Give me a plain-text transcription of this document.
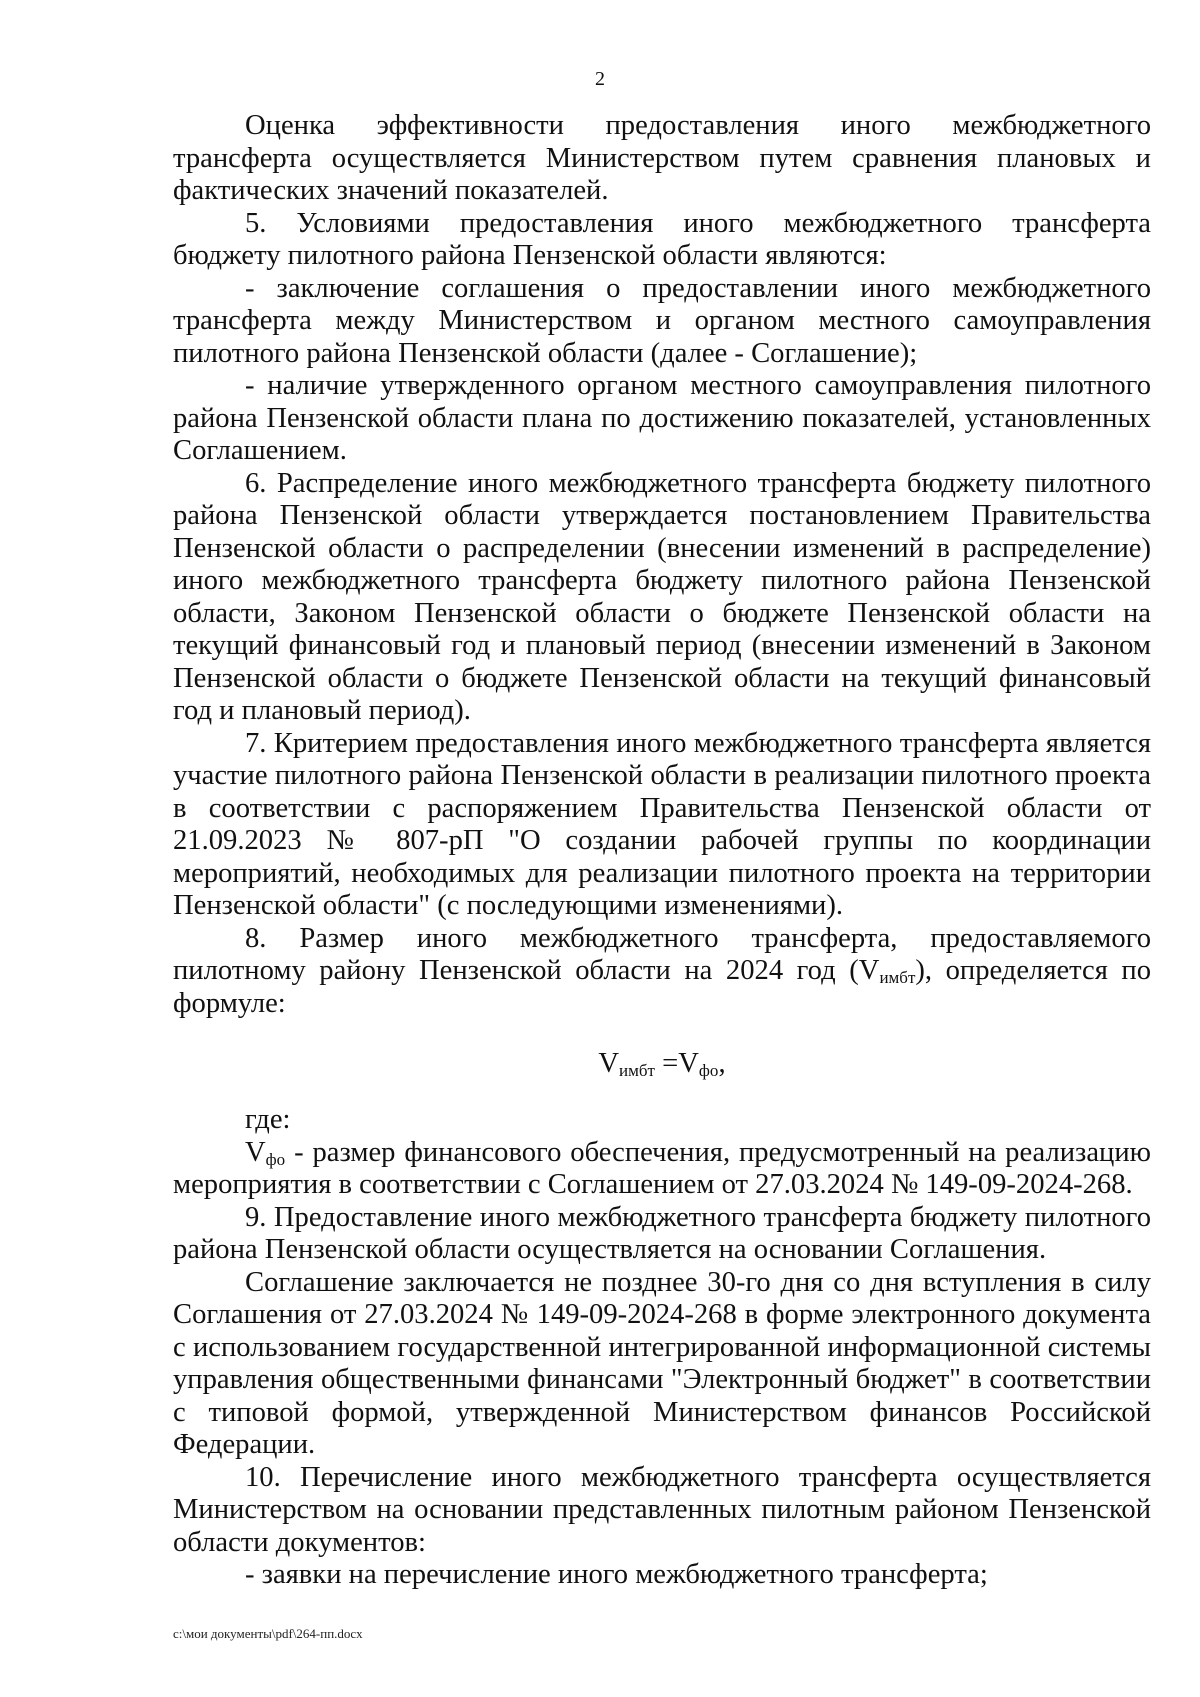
2

Оценка эффективности предоставления иного межбюджетного трансферта осуществляется Министерством путем сравнения плановых и фактических значений показателей.

5. Условиями предоставления иного межбюджетного трансферта бюджету пилотного района Пензенской области являются:

- заключение соглашения о предоставлении иного межбюджетного трансферта между Министерством и органом местного самоуправления пилотного района Пензенской области (далее - Соглашение);

- наличие утвержденного органом местного самоуправления пилотного района Пензенской области плана по достижению показателей, установленных Соглашением.

6. Распределение иного межбюджетного трансферта бюджету пилотного района Пензенской области утверждается постановлением Правительства Пензенской области о распределении (внесении изменений в распределение) иного межбюджетного трансферта бюджету пилотного района Пензенской области, Законом Пензенской области о бюджете Пензенской области на текущий финансовый год и плановый период (внесении изменений в Законом Пензенской области о бюджете Пензенской области на текущий финансовый год и плановый период).

7. Критерием предоставления иного межбюджетного трансферта является участие пилотного района Пензенской области в реализации пилотного проекта в соответствии с распоряжением Правительства Пензенской области от 21.09.2023 № 807-рП "О создании рабочей группы по координации мероприятий, необходимых для реализации пилотного проекта на территории Пензенской области" (с последующими изменениями).

8. Размер иного межбюджетного трансферта, предоставляемого пилотному району Пензенской области на 2024 год $(V_{имбт})$, определяется по формуле:

$V_{имбт} =V_{фо}$,

где:

$V_{фо}$ - размер финансового обеспечения, предусмотренный на реализацию мероприятия в соответствии с Соглашением от 27.03.2024 № 149-09-2024-268.

9. Предоставление иного межбюджетного трансферта бюджету пилотного района Пензенской области осуществляется на основании Соглашения.

Соглашение заключается не позднее 30-го дня со дня вступления в силу Соглашения от 27.03.2024 № 149-09-2024-268 в форме электронного документа с использованием государственной интегрированной информационной системы управления общественными финансами "Электронный бюджет" в соответствии с типовой формой, утвержденной Министерством финансов Российской Федерации.

10. Перечисление иного межбюджетного трансферта осуществляется Министерством на основании представленных пилотным районом Пензенской области документов:

- заявки на перечисление иного межбюджетного трансферта;

c:\мои документы\pdf\264-пп.docx
